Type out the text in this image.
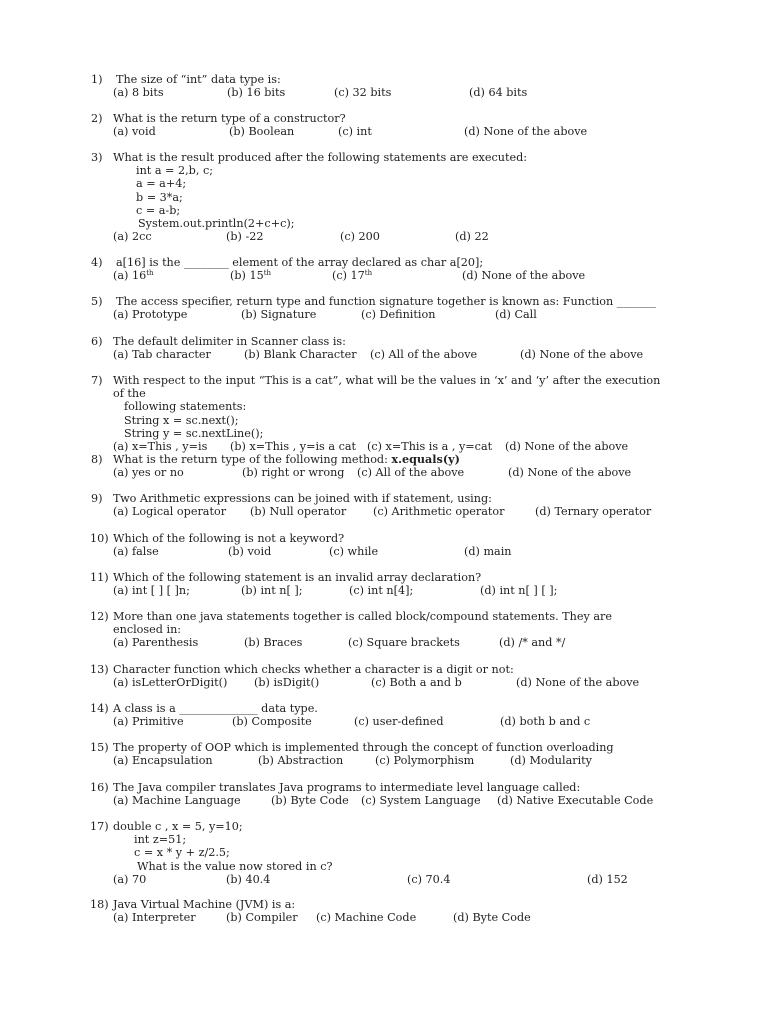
1) The size of “int” data type is:
(a) 8 bits	(b) 16 bits	(c) 32 bits	(d) 64 bits
2) What is the return type of a constructor?
(a) void	(b) Boolean	(c) int	(d) None of the above
3) What is the result produced after the following statements are executed:
int a = 2,b, c;
a = a+4;
b = 3*a;
c = a-b;
System.out.println(2+c+c);
(a) 2cc	(b) -22	(c) 200	(d) 22
4) a[16] is the ________ element of the array declared as char a[20];
(a) 16th	(b) 15th	(c) 17th	(d) None of the above
5) The access specifier, return type and function signature together is known as: Function _______
(a) Prototype	(b) Signature	(c) Definition	(d) Call
6) The default delimiter in Scanner class is:
(a) Tab character	(b) Blank Character (c) All of the above	(d) None of the above
7) With respect to the input “This is a cat”, what will be the values in ‘x’ and ‘y’ after the execution
of the
following statements:
String x = sc.next();
String y = sc.nextLine();
(a) x=This , y=is (b) x=This , y=is a cat (c) x=This is a , y=cat (d) None of the above
8) What is the return type of the following method: x.equals(y)
(a) yes or no	(b) right or wrong (c) All of the above	(d) None of the above
9) Two Arithmetic expressions can be joined with if statement, using:
(a) Logical operator (b) Null operator (c) Arithmetic operator	(d) Ternary operator
10) Which of the following is not a keyword?
(a) false	(b) void	(c) while	(d) main
11) Which of the following statement is an invalid array declaration?
(a) int [ ] [ ]n;	(b) int n[ ];	(c) int n[4];	(d) int n[ ] [ ];
12) More than one java statements together is called block/compound statements. They are
enclosed in:
(a) Parenthesis	(b) Braces	(c) Square brackets	(d) /* and */
13) Character function which checks whether a character is a digit or not:
(a) isLetterOrDigit() (b) isDigit()	(c) Both a and b	(d) None of the above
14) A class is a ______________ data type.
(a) Primitive	(b) Composite	(c) user-defined	(d) both b and c
15) The property of OOP which is implemented through the concept of function overloading
(a) Encapsulation	(b) Abstraction	(c) Polymorphism	(d) Modularity
16) The Java compiler translates Java programs to intermediate level language called:
(a) Machine Language	(b) Byte Code (c) System Language (d) Native Executable Code
17) double c , x = 5, y=10;
int z=51;
c = x * y + z/2.5;
What is the value now stored in c?
(a) 70	(b) 40.4	(c) 70.4	(d) 152
18) Java Virtual Machine (JVM) is a:
(a) Interpreter	(b) Compiler (c) Machine Code	(d) Byte Code
